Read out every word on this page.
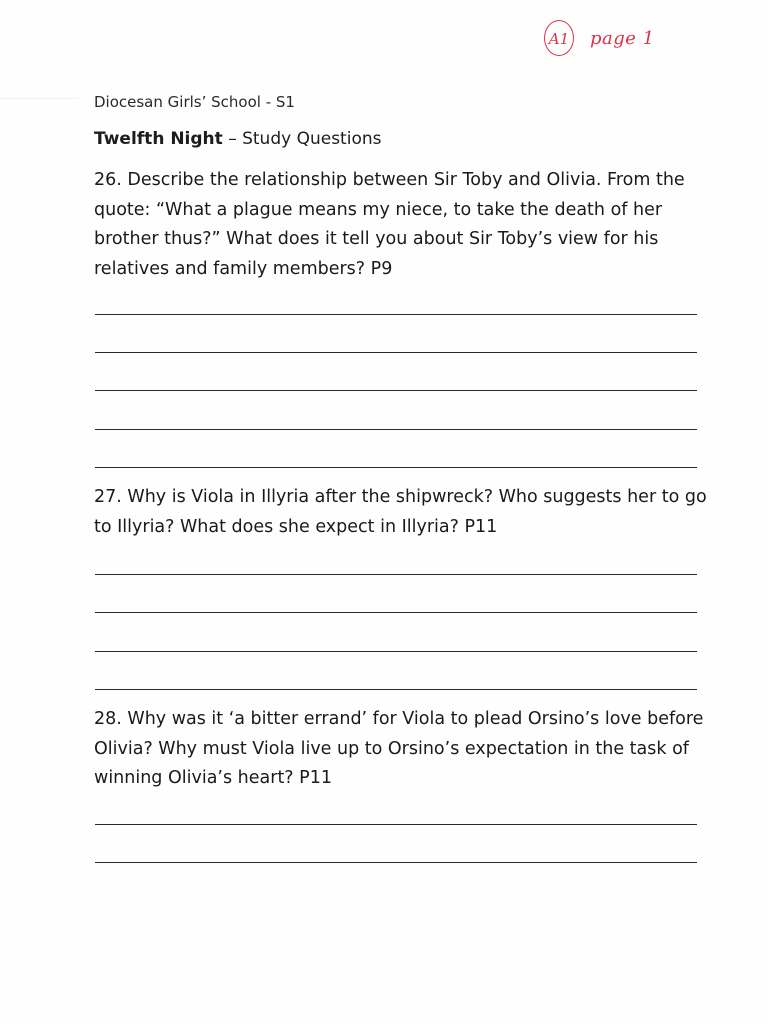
A1 page 1
Diocesan Girls’ School - S1
Twelfth Night – Study Questions
26. Describe the relationship between Sir Toby and Olivia. From the quote: “What a plague means my niece, to take the death of her brother thus?” What does it tell you about Sir Toby’s view for his relatives and family members? P9
27. Why is Viola in Illyria after the shipwreck? Who suggests her to go to Illyria? What does she expect in Illyria? P11
28. Why was it ‘a bitter errand’ for Viola to plead Orsino’s love before Olivia? Why must Viola live up to Orsino’s expectation in the task of winning Olivia’s heart? P11
